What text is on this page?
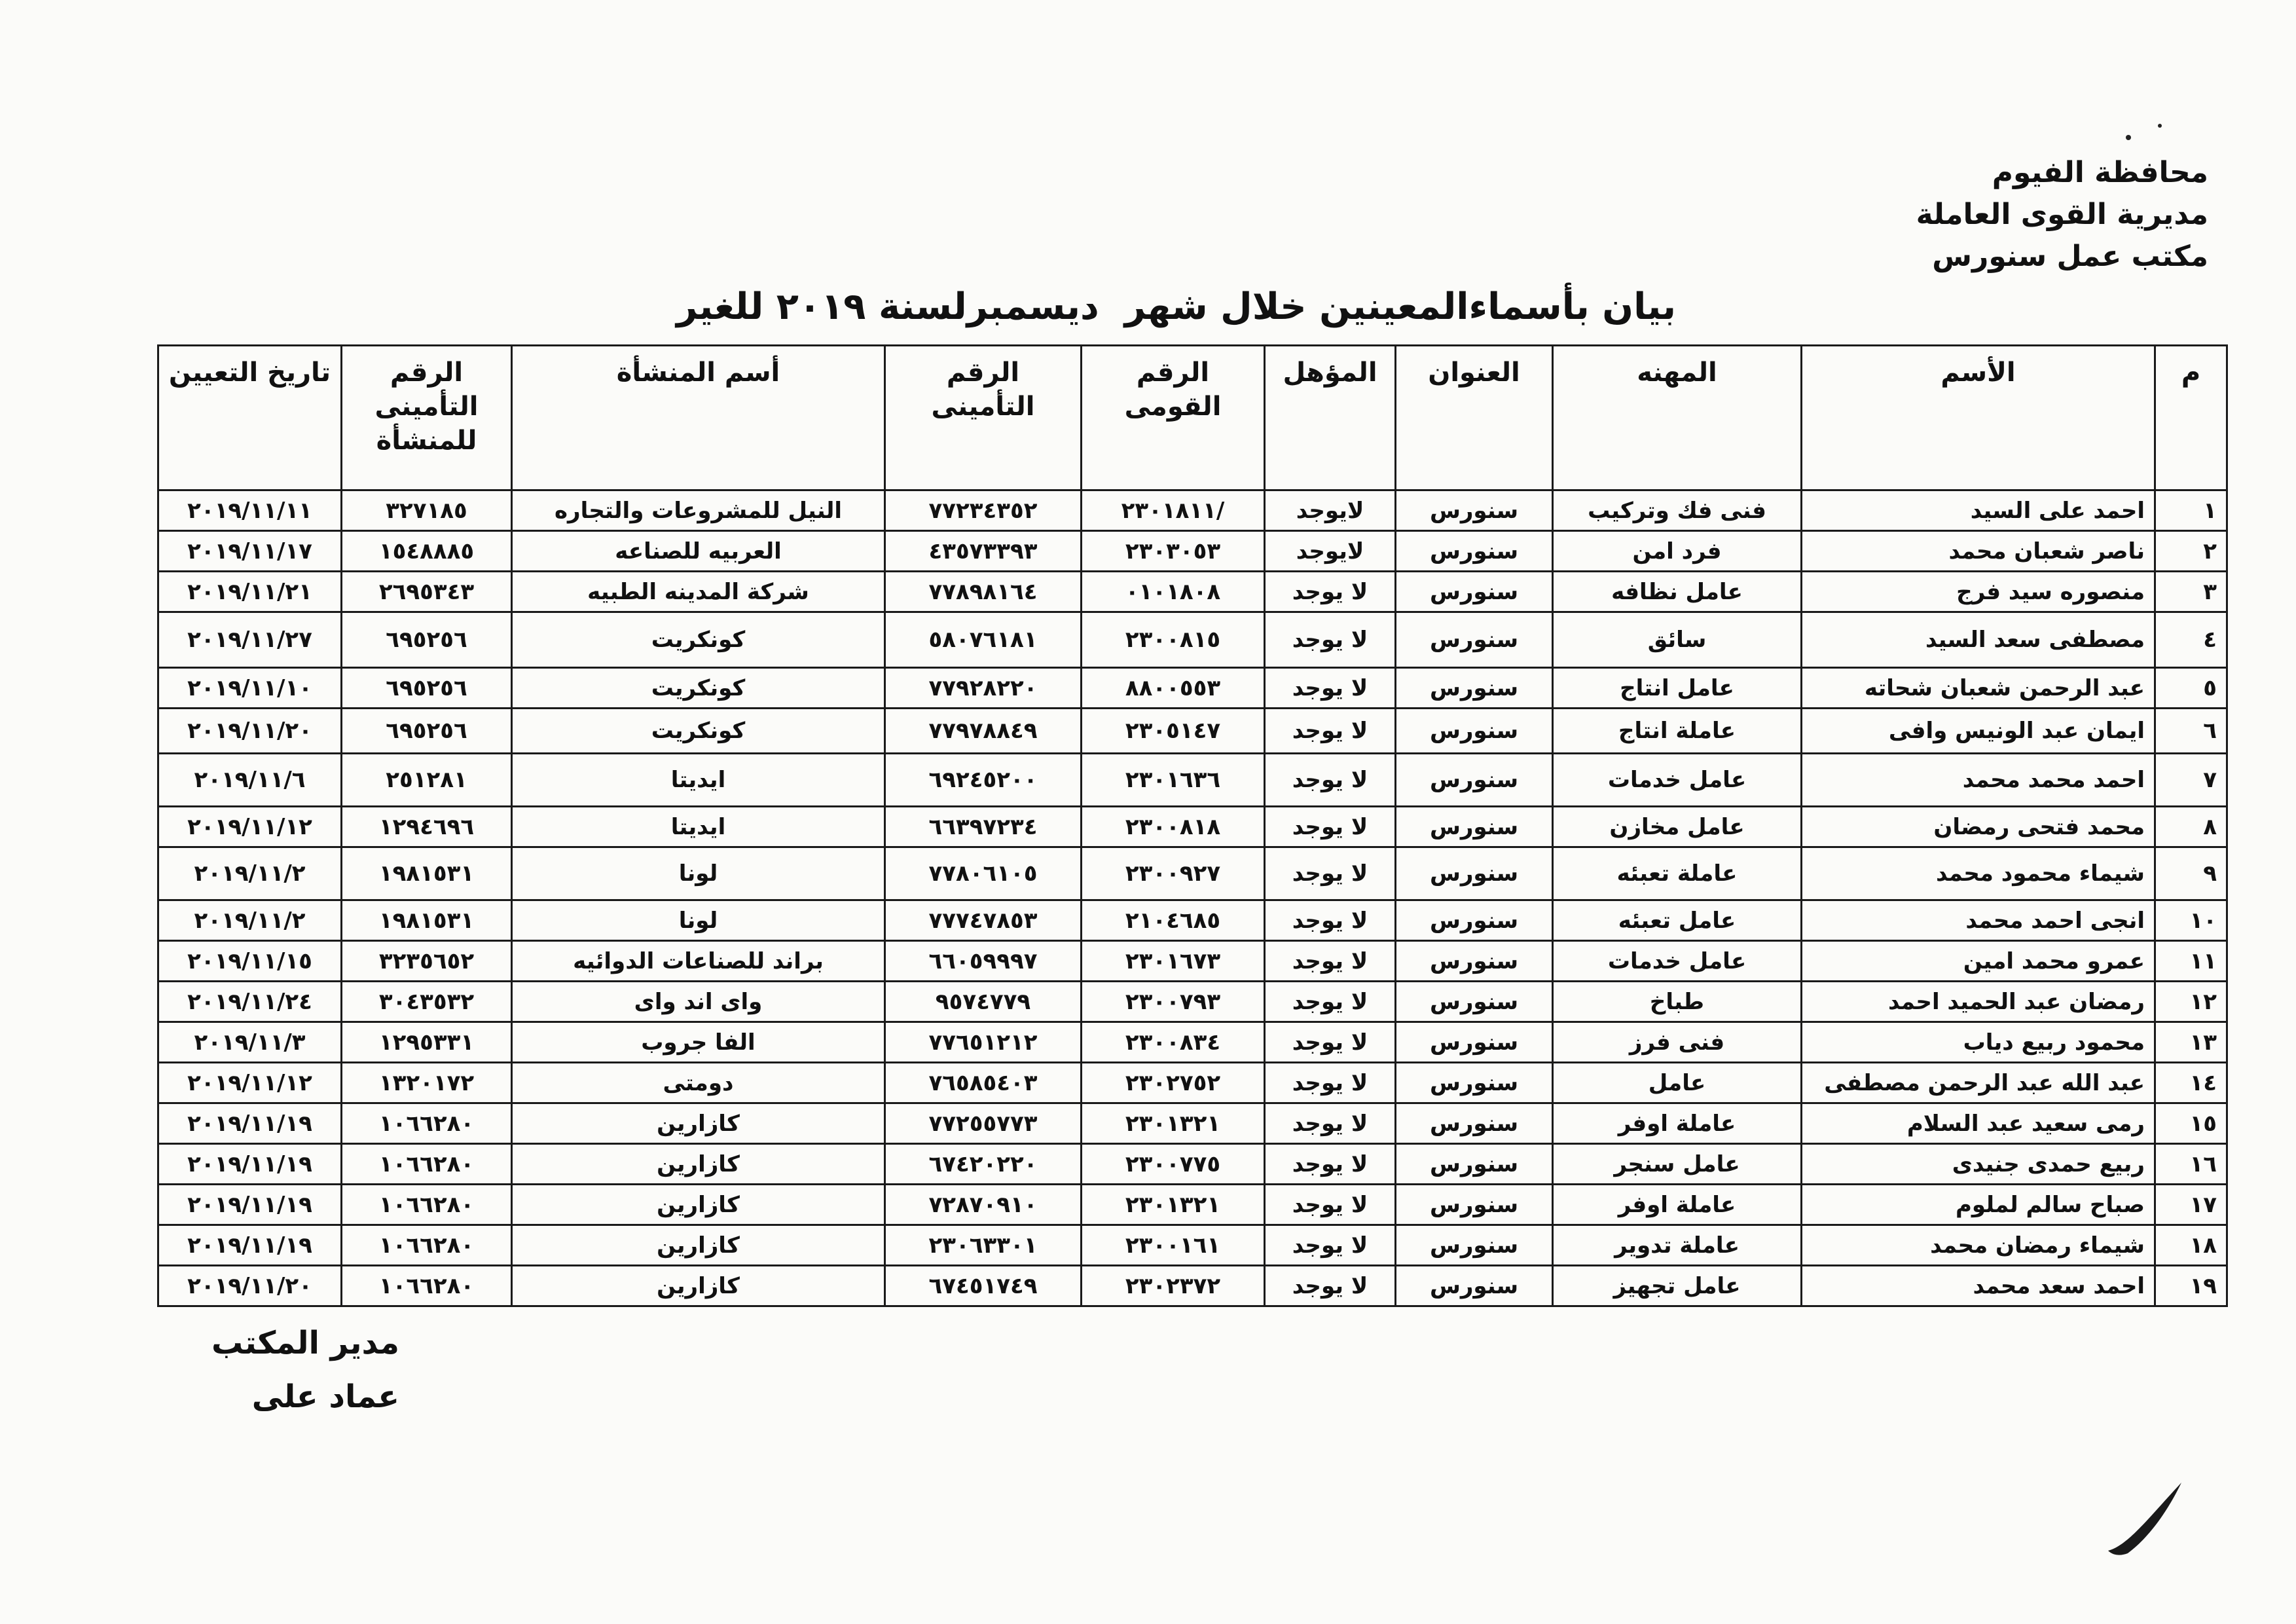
محافظة الفيوم
مديرية القوى العاملة
مكتب عمل سنورس
بيان بأسماءالمعينين خلال شهر  ديسمبرلسنة ٢٠١٩ للغير
م	الأسم	المهنه	العنوان	المؤهل	الرقم القومى	الرقم التأمينى	أسم المنشأة	الرقم التأمينى للمنشأة	تاريخ التعيين
١	احمد على السيد	فنى فك وتركيب	سنورس	لايوجد	/٢٣٠١٨١١	٧٧٢٣٤٣٥٢	النيل للمشروعات والتجاره	٣٢٧١٨٥	٢٠١٩/١١/١١
٢	ناصر شعبان محمد	فرد امن	سنورس	لايوجد	٢٣٠٣٠٥٣	٤٣٥٧٣٣٩٣	العربيه للصناعه	١٥٤٨٨٨٥	٢٠١٩/١١/١٧
٣	منصوره سيد فرج	عامل نظافه	سنورس	لا يوجد	٠١٠١٨٠٨	٧٧٨٩٨١٦٤	شركة المدينه الطبيه	٢٦٩٥٣٤٣	٢٠١٩/١١/٢١
٤	مصطفى سعد السيد	سائق	سنورس	لا يوجد	٢٣٠٠٨١٥	٥٨٠٧٦١٨١	كونكريت	٦٩٥٢٥٦	٢٠١٩/١١/٢٧
٥	عبد الرحمن شعبان شحاته	عامل انتاج	سنورس	لا يوجد	٨٨٠٠٥٥٣	٧٧٩٢٨٢٢٠	كونكريت	٦٩٥٢٥٦	٢٠١٩/١١/١٠
٦	ايمان عبد الونيس وافى	عاملة انتاج	سنورس	لا يوجد	٢٣٠٥١٤٧	٧٧٩٧٨٨٤٩	كونكريت	٦٩٥٢٥٦	٢٠١٩/١١/٢٠
٧	احمد محمد محمد	عامل خدمات	سنورس	لا يوجد	٢٣٠١٦٣٦	٦٩٢٤٥٢٠٠	ايديتا	٢٥١٢٨١	٢٠١٩/١١/٦
٨	محمد فتحى رمضان	عامل مخازن	سنورس	لا يوجد	٢٣٠٠٨١٨	٦٦٣٩٧٢٣٤	ايديتا	١٢٩٤٦٩٦	٢٠١٩/١١/١٢
٩	شيماء محمود محمد	عاملة تعبئه	سنورس	لا يوجد	٢٣٠٠٩٢٧	٧٧٨٠٦١٠٥	لونا	١٩٨١٥٣١	٢٠١٩/١١/٢
١٠	انجى احمد محمد	عامل تعبئه	سنورس	لا يوجد	٢١٠٤٦٨٥	٧٧٧٤٧٨٥٣	لونا	١٩٨١٥٣١	٢٠١٩/١١/٢
١١	عمرو محمد امين	عامل خدمات	سنورس	لا يوجد	٢٣٠١٦٧٣	٦٦٠٥٩٩٩٧	براند للصناعات الدوائيه	٣٢٣٥٦٥٢	٢٠١٩/١١/١٥
١٢	رمضان عبد الحميد احمد	طباخ	سنورس	لا يوجد	٢٣٠٠٧٩٣	٩٥٧٤٧٧٩	واى اند واى	٣٠٤٣٥٣٢	٢٠١٩/١١/٢٤
١٣	محمود ربيع دياب	فنى فرز	سنورس	لا يوجد	٢٣٠٠٨٣٤	٧٧٦٥١٢١٢	الفا جروب	١٢٩٥٣٣١	٢٠١٩/١١/٣
١٤	عبد الله عبد الرحمن مصطفى	عامل	سنورس	لا يوجد	٢٣٠٢٧٥٢	٧٦٥٨٥٤٠٣	دومتى	١٣٢٠١٧٢	٢٠١٩/١١/١٢
١٥	رمى سعيد عبد السلام	عاملة اوفر	سنورس	لا يوجد	٢٣٠١٣٢١	٧٧٢٥٥٧٧٣	كازارين	١٠٦٦٢٨٠	٢٠١٩/١١/١٩
١٦	ربيع حمدى جنيدى	عامل سنجر	سنورس	لا يوجد	٢٣٠٠٧٧٥	٦٧٤٢٠٢٢٠	كازارين	١٠٦٦٢٨٠	٢٠١٩/١١/١٩
١٧	صباح سالم لملوم	عاملة اوفر	سنورس	لا يوجد	٢٣٠١٣٢١	٧٢٨٧٠٩١٠	كازارين	١٠٦٦٢٨٠	٢٠١٩/١١/١٩
١٨	شيماء رمضان محمد	عاملة تدوير	سنورس	لا يوجد	٢٣٠٠١٦١	٢٣٠٦٣٣٠١	كازارين	١٠٦٦٢٨٠	٢٠١٩/١١/١٩
١٩	احمد سعد محمد	عامل تجهيز	سنورس	لا يوجد	٢٣٠٢٣٧٢	٦٧٤٥١٧٤٩	كازارين	١٠٦٦٢٨٠	٢٠١٩/١١/٢٠
مدير المكتب
عماد على
